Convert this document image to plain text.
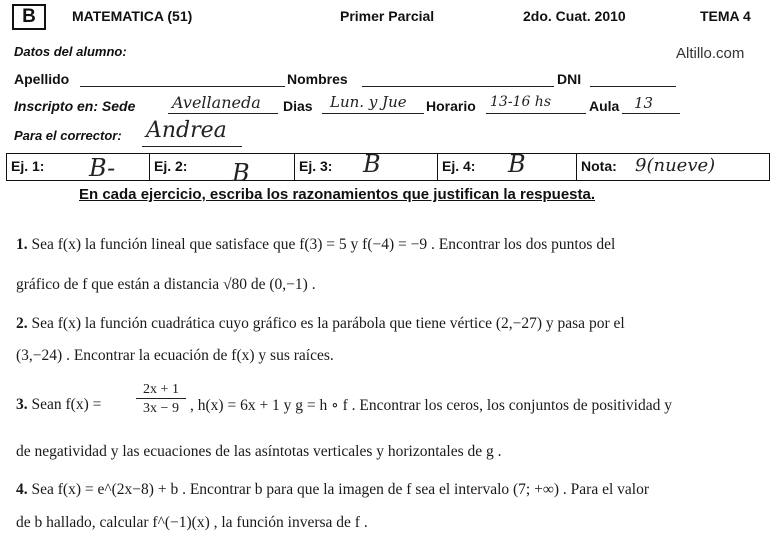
B	MATEMATICA (51)	Primer Parcial	2do. Cuat. 2010	TEMA 4
Altillo.com
Datos del alumno:
Apellido	Nombres	DNI
Inscripto en: Sede Avellaneda Dias Lun. y Jue Horario 13-16 hs	Aula 13
Para el corrector: Andrea
Ej. 1: B-	Ej. 2: B	Ej. 3: B	Ej. 4: B	Nota: 9(nueve)
En cada ejercicio, escriba los razonamientos que justifican la respuesta.
1. Sea f(x) la función lineal que satisface que f(3) = 5 y f(−4) = −9 . Encontrar los dos puntos del
gráfico de f que están a distancia √80 de (0,−1) .
2. Sea f(x) la función cuadrática cuyo gráfico es la parábola que tiene vértice (2,−27) y pasa por el
(3,−24) . Encontrar la ecuación de f(x) y sus raíces.
3. Sean $f(x) = \frac{2x + 1}{3x - 9}$ , h(x) = 6x + 1 y g = h ∘ f . Encontrar los ceros, los conjuntos de positividad y
de negatividad y las ecuaciones de las asíntotas verticales y horizontales de g .
4. Sea f(x) = e^(2x−8) + b . Encontrar b para que la imagen de f sea el intervalo (7; +∞) . Para el valor
de b hallado, calcular f^(−1)(x) , la función inversa de f .
